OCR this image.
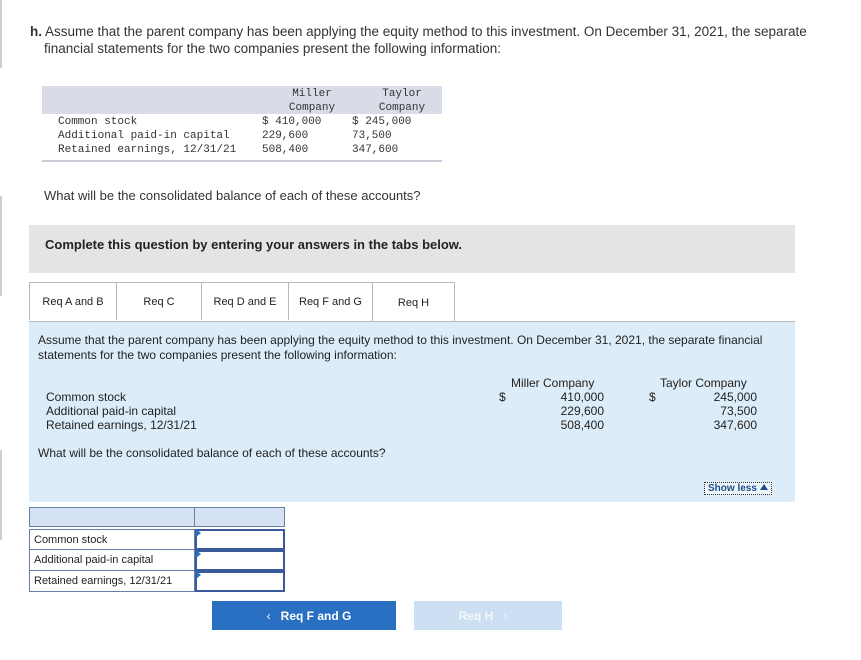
h. Assume that the parent company has been applying the equity method to this investment. On December 31, 2021, the separate
financial statements for the two companies present the following information:
Miller
Company
Taylor
Company
Common stock	$ 410,000	$ 245,000
Additional paid-in capital	229,600	73,500
Retained earnings, 12/31/21 508,400	347,600
What will be the consolidated balance of each of these accounts?
Complete this question by entering your answers in the tabs below.
Req A and B	Req C	Req D and E Req F and G	Req H
Assume that the parent company has been applying the equity method to this investment. On December 31, 2021, the separate financial statements for the two companies present the following information:
Miller Company	Taylor Company
Common stock	$	410,000	$	245,000
Additional paid-in capital	229,600	73,500
Retained earnings, 12/31/21	508,400	347,600
What will be the consolidated balance of each of these accounts?
Show less
Common stock
Additional paid-in capital
Retained earnings, 12/31/21
‹ Req F and G	Req H ›
